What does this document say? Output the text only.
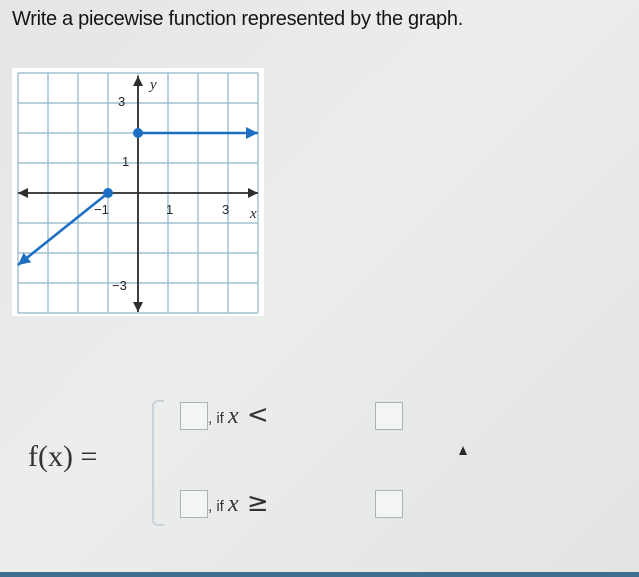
Write a piecewise function represented by the graph.
y
x
3
1
−1	1	3
−3
f(x) =
, if x <
, if x ≥
